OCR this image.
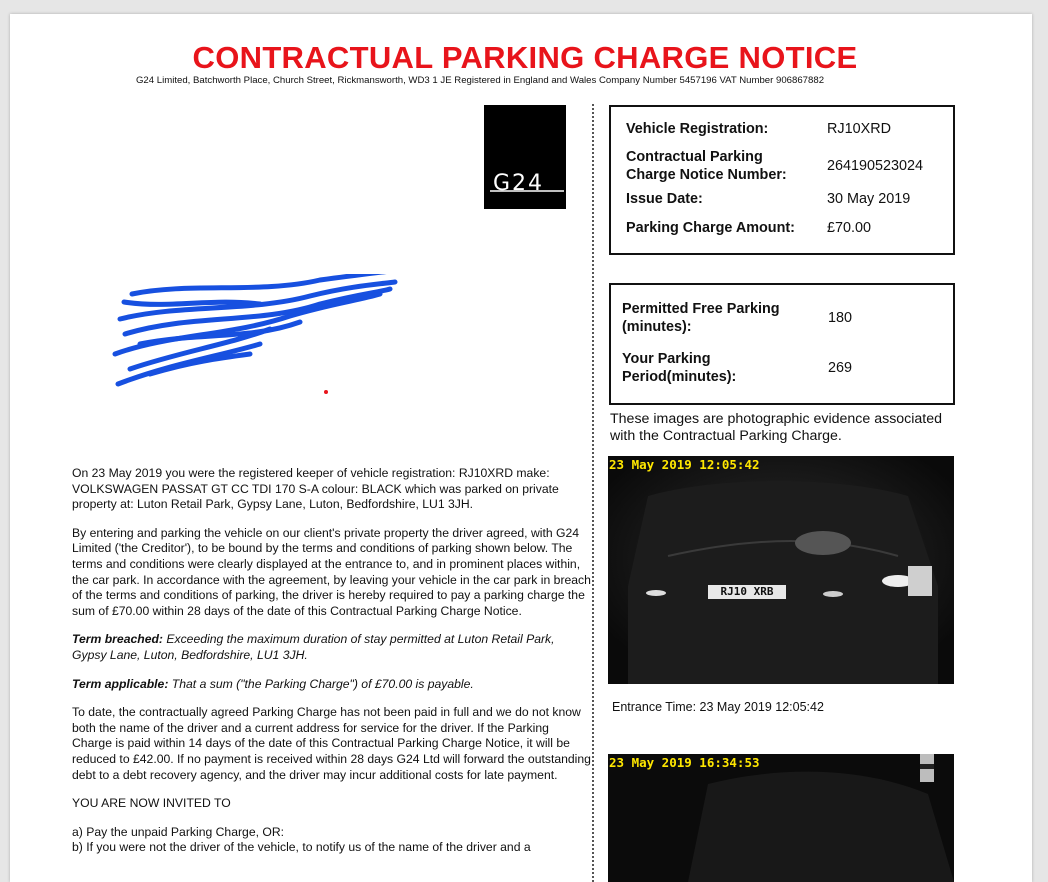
CONTRACTUAL PARKING CHARGE NOTICE
G24 Limited, Batchworth Place, Church Street, Rickmansworth, WD3 1 JE Registered in England and Wales Company Number 5457196 VAT Number 906867882
G24

On 23 May 2019 you were the registered keeper of vehicle registration: RJ10XRD make: VOLKSWAGEN PASSAT GT CC TDI 170 S-A colour: BLACK which was parked on private property at: Luton Retail Park, Gypsy Lane, Luton, Bedfordshire, LU1 3JH.

By entering and parking the vehicle on our client's private property the driver agreed, with G24 Limited ('the Creditor'), to be bound by the terms and conditions of parking shown below. The terms and conditions were clearly displayed at the entrance to, and in prominent places within, the car park. In accordance with the agreement, by leaving your vehicle in the car park in breach of the terms and conditions of parking, the driver is hereby required to pay a parking charge the sum of £70.00 within 28 days of the date of this Contractual Parking Charge Notice.

Term breached: Exceeding the maximum duration of stay permitted at Luton Retail Park, Gypsy Lane, Luton, Bedfordshire, LU1 3JH.

Term applicable: That a sum ("the Parking Charge") of £70.00 is payable.

To date, the contractually agreed Parking Charge has not been paid in full and we do not know both the name of the driver and a current address for service for the driver. If the Parking Charge is paid within 14 days of the date of this Contractual Parking Charge Notice, it will be reduced to £42.00. If no payment is received within 28 days G24 Ltd will forward the outstanding debt to a debt recovery agency, and the driver may incur additional costs for late payment.

YOU ARE NOW INVITED TO

a) Pay the unpaid Parking Charge, OR:

b) If you were not the driver of the vehicle, to notify us of the name of the driver and a

Vehicle Registration:	RJ10XRD
Contractual Parking Charge Notice Number:
264190523024
Issue Date:	30 May 2019
Parking Charge Amount:	£70.00
Permitted Free Parking (minutes):
180
Your Parking Period(minutes):
269
These images are photographic evidence associated with the Contractual Parking Charge.
23 May 2019 12:05:42
RJ10 XRB
Entrance Time: 23 May 2019 12:05:42
23 May 2019 16:34:53
